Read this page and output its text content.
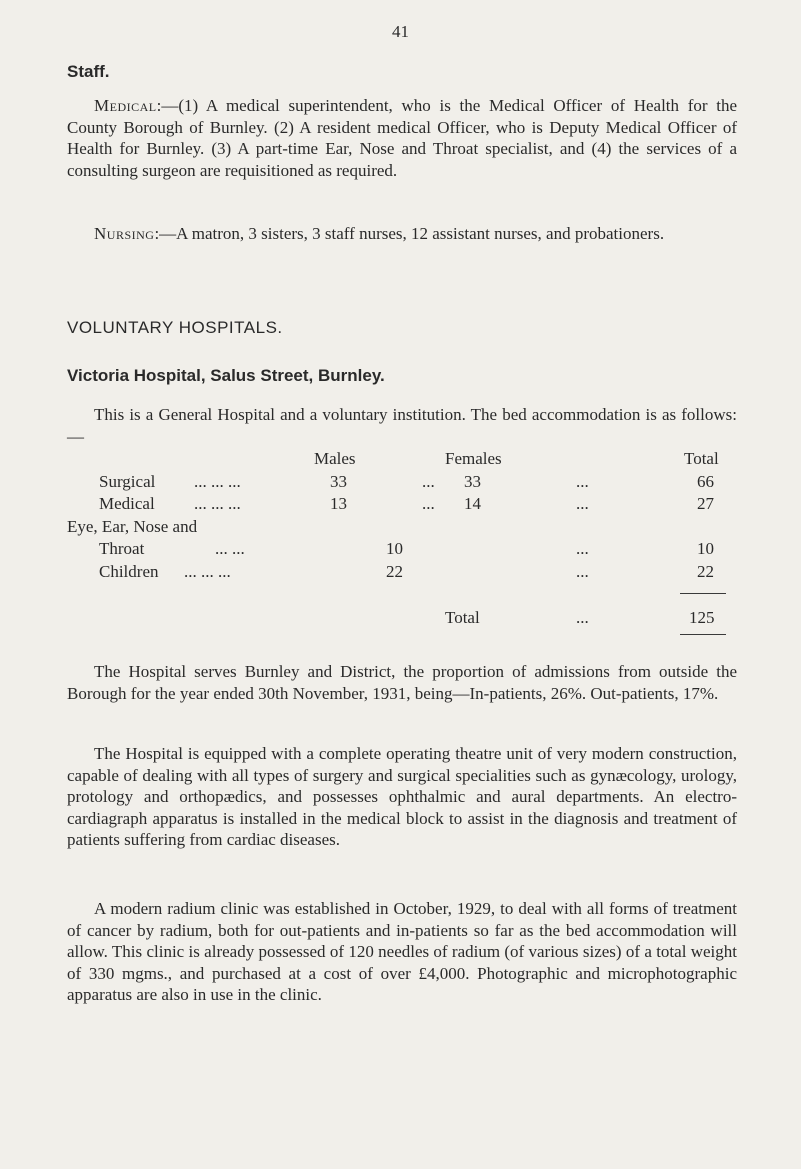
41
Staff.

Medical:—(1) A medical superintendent, who is the Medical Officer of Health for the County Borough of Burnley. (2) A resident medical Officer, who is Deputy Medical Officer of Health for Burnley. (3) A part-time Ear, Nose and Throat specialist, and (4) the services of a consulting surgeon are requisitioned as required.

Nursing:—A matron, 3 sisters, 3 staff nurses, 12 assistant nurses, and probationers.

VOLUNTARY HOSPITALS.
Victoria Hospital, Salus Street, Burnley.

This is a General Hospital and a voluntary institution. The bed accommodation is as follows:—

Males	Females	Total
Surgical ... ... ...	33	... 33	...	66
Medical ... ... ...	13	... 14	...	27
Eye, Ear, Nose and
Throat	... ...	10	...	10
Children ... ... ...	22	...	22
Total	...	125

The Hospital serves Burnley and District, the proportion of admissions from outside the Borough for the year ended 30th November, 1931, being—In-patients, 26%. Out-patients, 17%.

The Hospital is equipped with a complete operating theatre unit of very modern construction, capable of dealing with all types of surgery and surgical specialities such as gynæcology, urology, protology and orthopædics, and possesses ophthalmic and aural departments. An electro-cardiagraph apparatus is installed in the medical block to assist in the diagnosis and treatment of patients suffering from cardiac diseases.

A modern radium clinic was established in October, 1929, to deal with all forms of treatment of cancer by radium, both for out-patients and in-patients so far as the bed accommodation will allow. This clinic is already possessed of 120 needles of radium (of various sizes) of a total weight of 330 mgms., and purchased at a cost of over £4,000. Photographic and microphotographic apparatus are also in use in the clinic.
